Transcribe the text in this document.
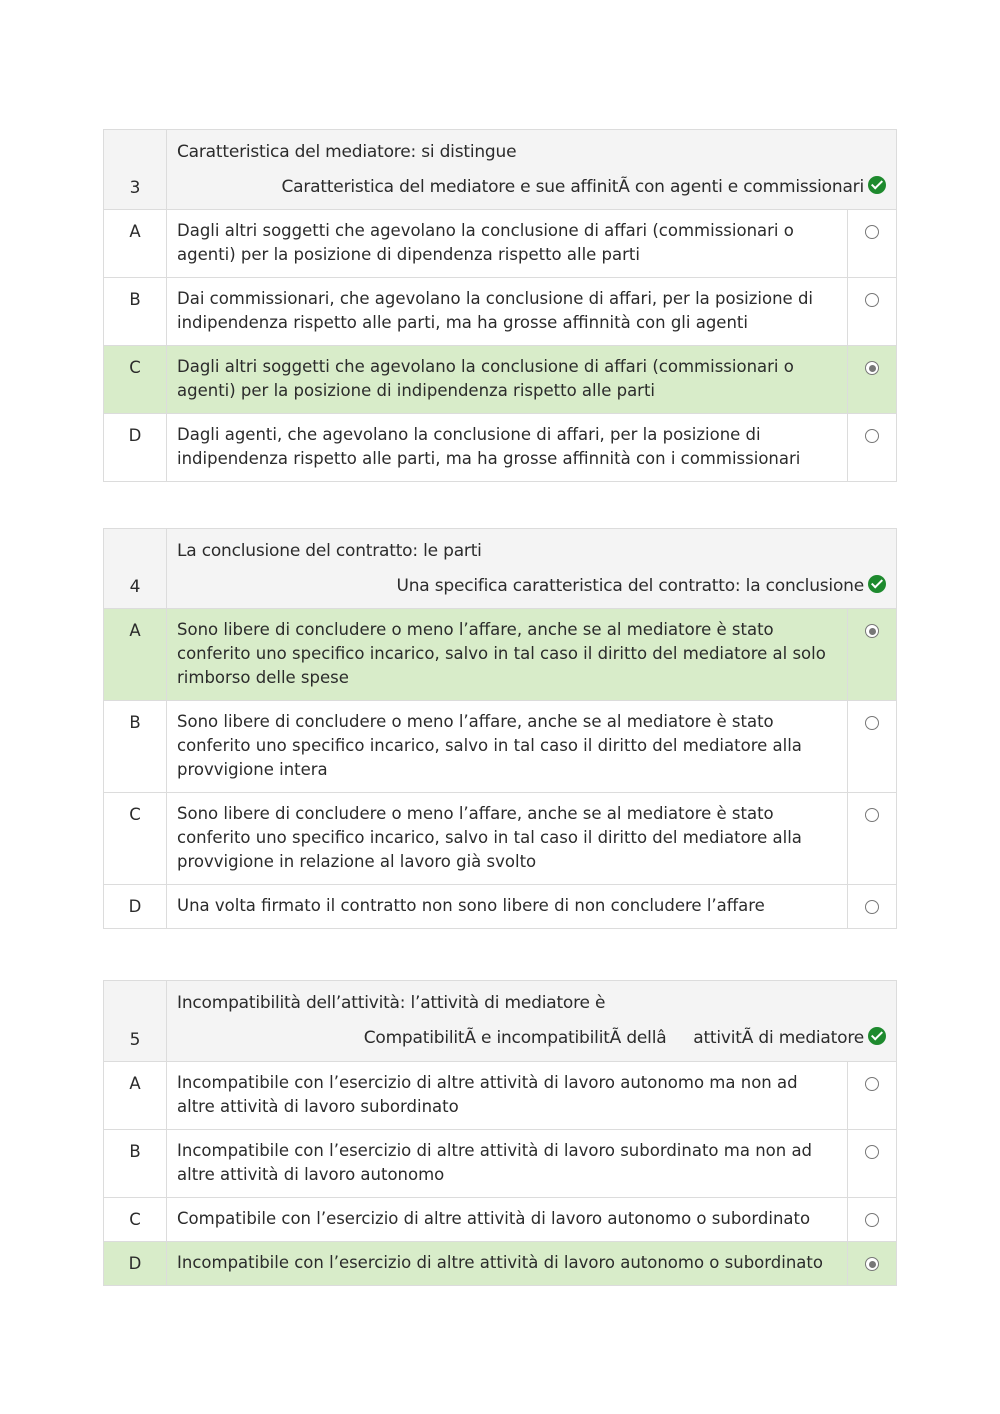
3	Caratteristica del mediatore: si distingue
Caratteristica del mediatore e sue affinitÃ con agenti e commissionari	

A	Dagli altri soggetti che agevolano la conclusione di affari (commissionari o agenti) per la posizione di dipendenza rispetto alle parti	
B	Dai commissionari, che agevolano la conclusione di affari, per la posizione di indipendenza rispetto alle parti, ma ha grosse affinnità con gli agenti	
C	Dagli altri soggetti che agevolano la conclusione di affari (commissionari o agenti) per la posizione di indipendenza rispetto alle parti	
D	Dagli agenti, che agevolano la conclusione di affari, per la posizione di indipendenza rispetto alle parti, ma ha grosse affinnità con i commissionari	
4	La conclusione del contratto: le parti
Una specifica caratteristica del contratto: la conclusione	

A	Sono libere di concludere o meno l’affare, anche se al mediatore è stato conferito uno specifico incarico, salvo in tal caso il diritto del mediatore al solo rimborso delle spese	
B	Sono libere di concludere o meno l’affare, anche se al mediatore è stato conferito uno specifico incarico, salvo in tal caso il diritto del mediatore alla provvigione intera	
C	Sono libere di concludere o meno l’affare, anche se al mediatore è stato conferito uno specifico incarico, salvo in tal caso il diritto del mediatore alla provvigione in relazione al lavoro già svolto	
D	Una volta firmato il contratto non sono libere di non concludere l’affare	
5	Incompatibilità dell’attività: l’attività di mediatore è
CompatibilitÃ e incompatibilitÃ dellâattivitÃ di mediatore	

A	Incompatibile con l’esercizio di altre attività di lavoro autonomo ma non ad altre attività di lavoro subordinato	
B	Incompatibile con l’esercizio di altre attività di lavoro subordinato ma non ad altre attività di lavoro autonomo	
C	Compatibile con l’esercizio di altre attività di lavoro autonomo o subordinato	
D	Incompatibile con l’esercizio di altre attività di lavoro autonomo o subordinato	
